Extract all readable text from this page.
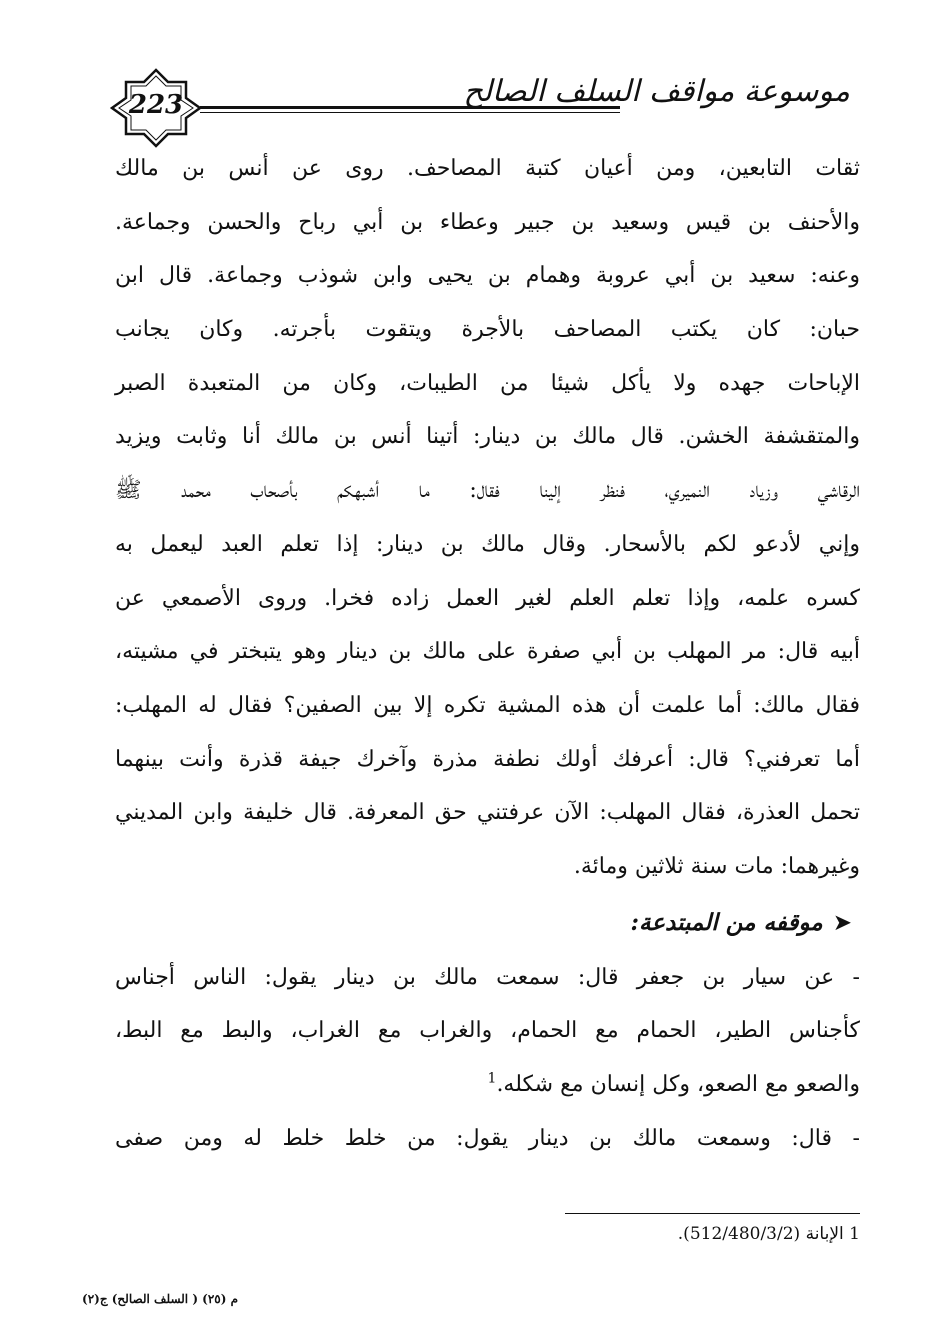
223	موسوعة مواقف السلف الصالح
ثقات التابعين، ومن أعيان كتبة المصاحف. روى عن أنس بن مالك
والأحنف بن قيس وسعيد بن جبير وعطاء بن أبي رباح والحسن وجماعة.
وعنه: سعيد بن أبي عروبة وهمام بن يحيى وابن شوذب وجماعة. قال ابن
حبان: كان يكتب المصاحف بالأجرة ويتقوت بأجرته. وكان يجانب
الإباحات جهده ولا يأكل شيئا من الطيبات، وكان من المتعبدة الصبر
والمتقشفة الخشن. قال مالك بن دينار: أتينا أنس بن مالك أنا وثابت ويزيد
الرقاشي وزياد النميري، فنظر إلينا فقال: ما أشبهكم بأصحاب محمد ﷺ
وإني لأدعو لكم بالأسحار. وقال مالك بن دينار: إذا تعلم العبد ليعمل به
كسره علمه، وإذا تعلم العلم لغير العمل زاده فخرا. وروى الأصمعي عن
أبيه قال: مر المهلب بن أبي صفرة على مالك بن دينار وهو يتبختر في مشيته،
فقال مالك: أما علمت أن هذه المشية تكره إلا بين الصفين؟ فقال له المهلب:
أما تعرفني؟ قال: أعرفك أولك نطفة مذرة وآخرك جيفة قذرة وأنت بينهما
تحمل العذرة، فقال المهلب: الآن عرفتني حق المعرفة. قال خليفة وابن المديني
وغيرهما: مات سنة ثلاثين ومائة.
➤موقفه من المبتدعة:
- عن سيار بن جعفر قال: سمعت مالك بن دينار يقول: الناس أجناس
كأجناس الطير، الحمام مع الحمام، والغراب مع الغراب، والبط مع البط،
والصعو مع الصعو، وكل إنسان مع شكله.$^1$
- قال: وسمعت مالك بن دينار يقول: من خلط خلط له ومن صفى
1 الإبانة (512/480/3/2).
م (٢٥) ( السلف الصالح) ج(٢)
